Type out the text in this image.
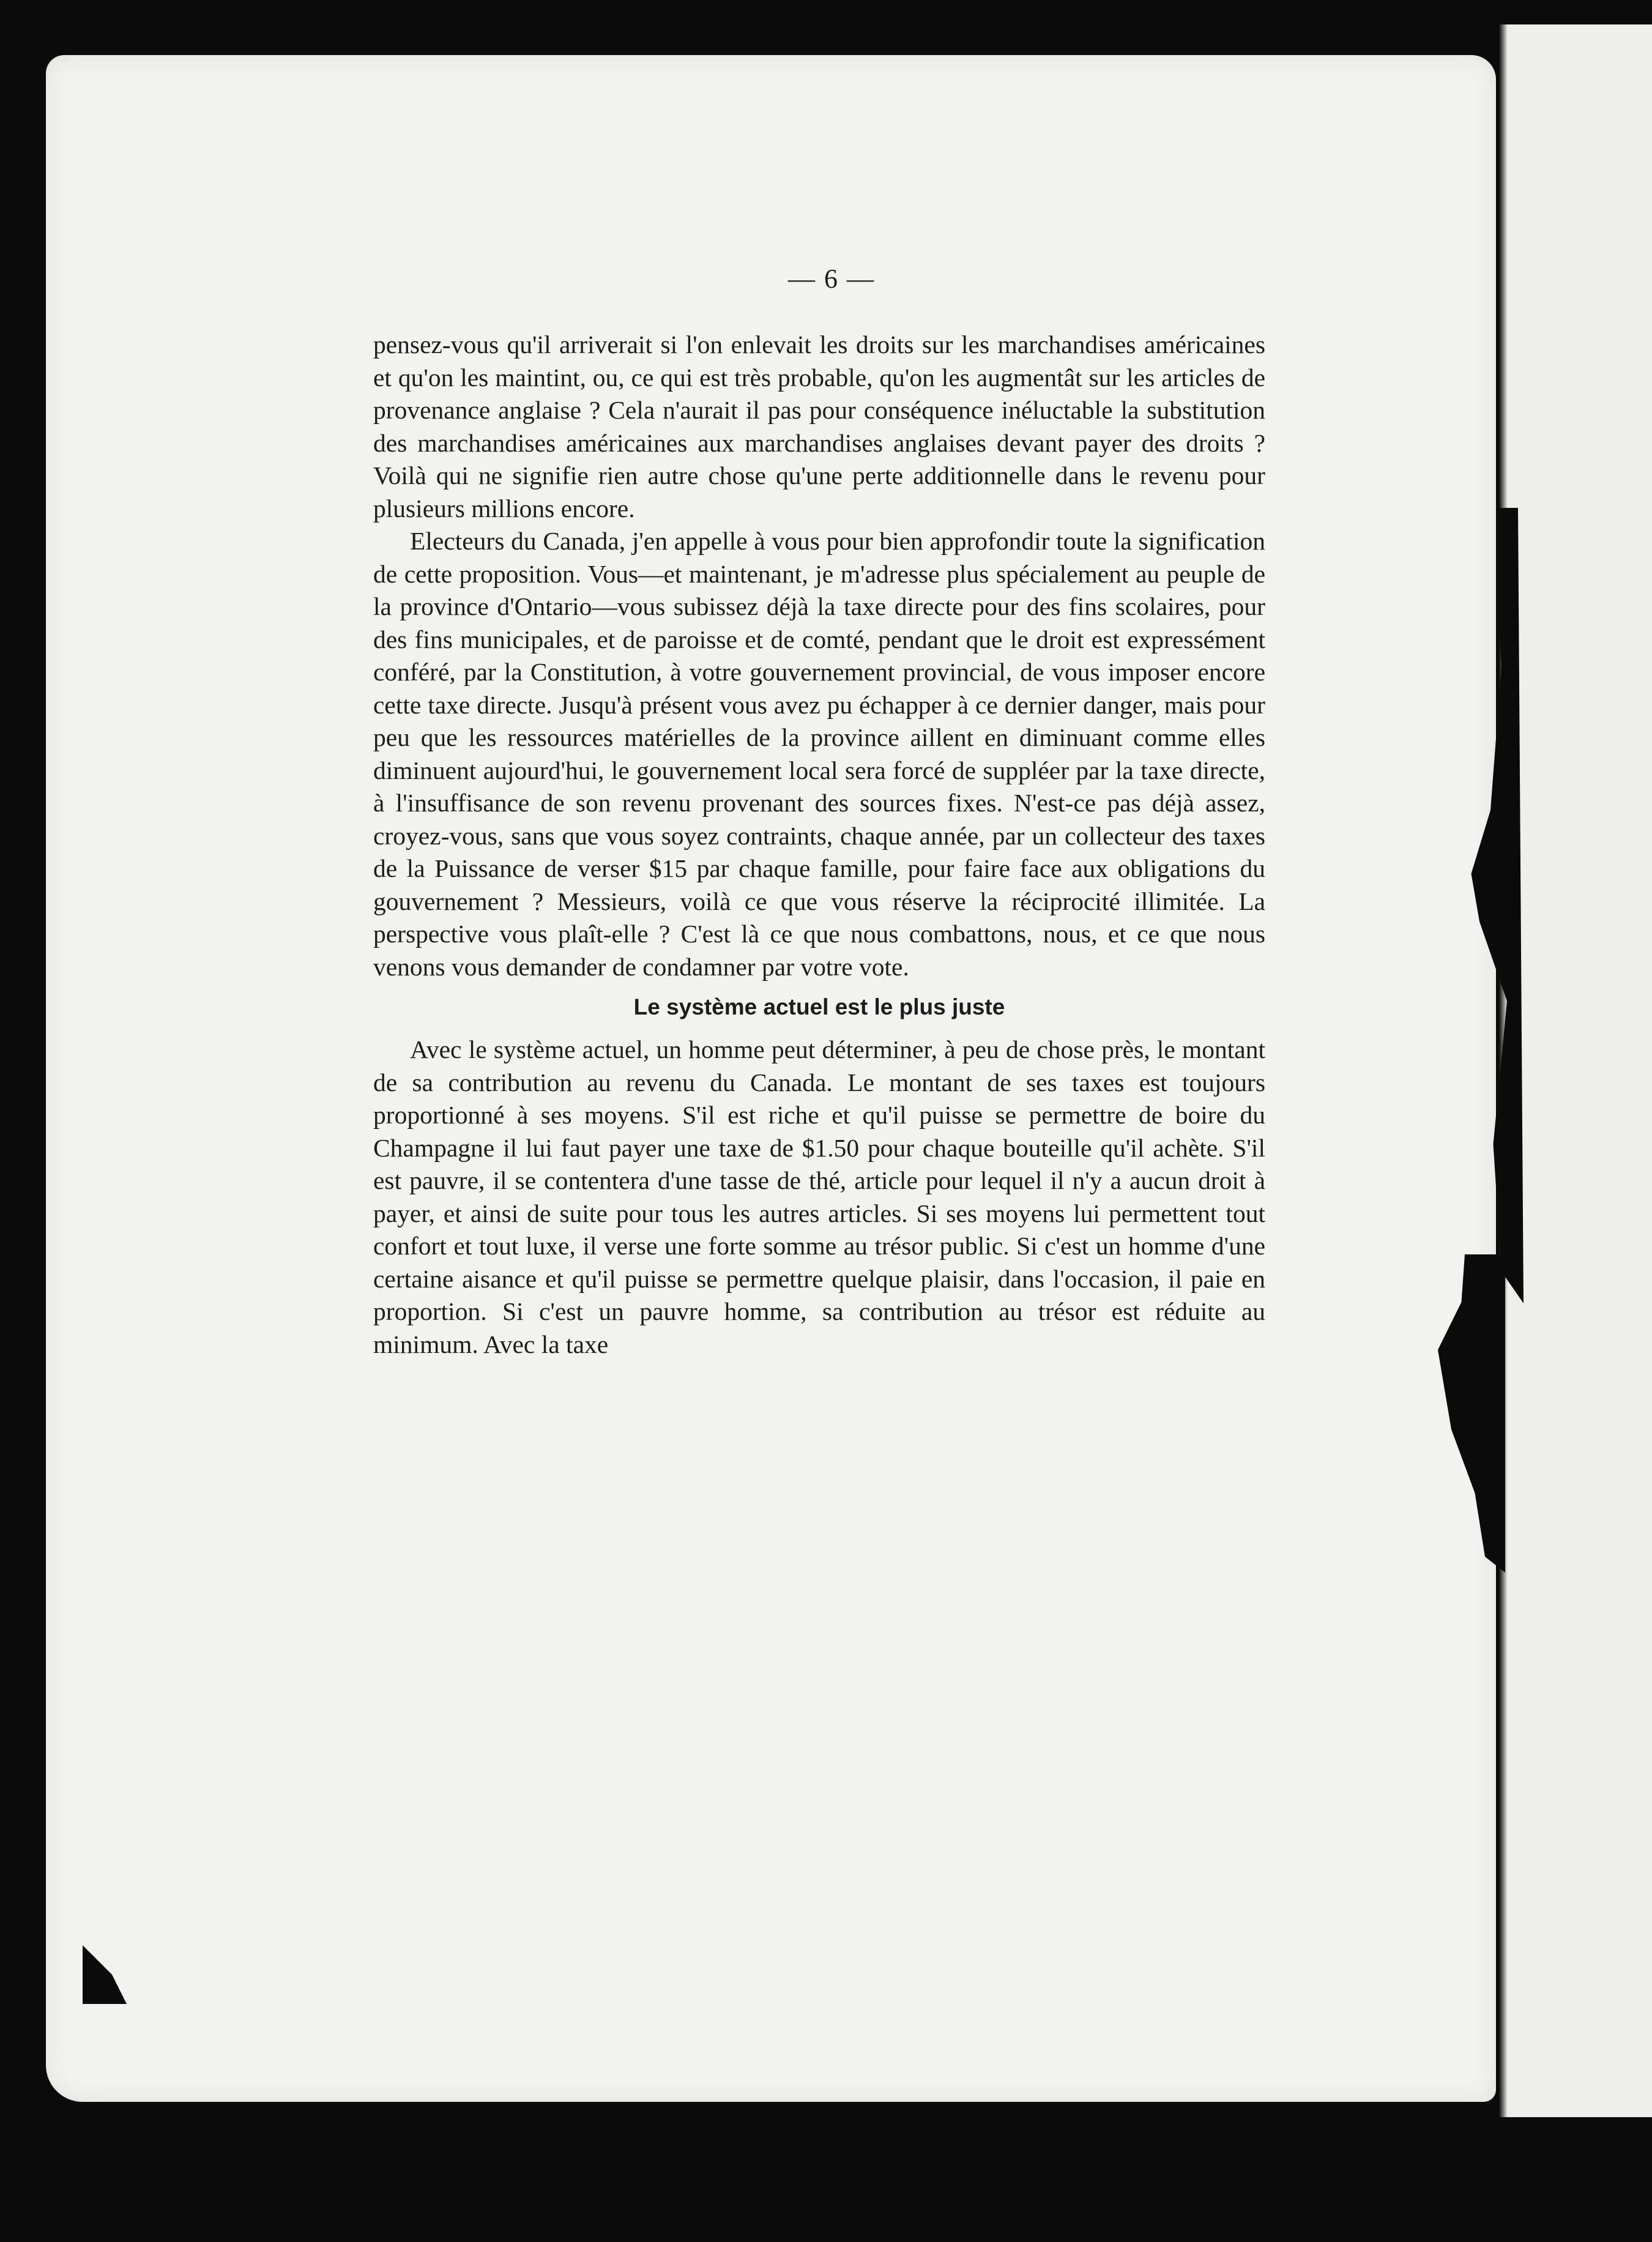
— 6 —

pensez-vous qu'il arriverait si l'on enlevait les droits sur les marchandises américaines et qu'on les maintint, ou, ce qui est très probable, qu'on les augmentât sur les articles de provenance anglaise ? Cela n'aurait il pas pour conséquence inéluctable la substitution des marchandises américaines aux marchandises anglaises devant payer des droits ? Voilà qui ne signifie rien autre chose qu'une perte additionnelle dans le revenu pour plusieurs millions encore.

Electeurs du Canada, j'en appelle à vous pour bien approfondir toute la signification de cette proposition. Vous—et maintenant, je m'adresse plus spécialement au peuple de la province d'Ontario—vous subissez déjà la taxe directe pour des fins scolaires, pour des fins municipales, et de paroisse et de comté, pendant que le droit est expressément conféré, par la Constitution, à votre gouvernement provincial, de vous imposer encore cette taxe directe. Jusqu'à présent vous avez pu échapper à ce dernier danger, mais pour peu que les ressources matérielles de la province aillent en diminuant comme elles diminuent aujourd'hui, le gouvernement local sera forcé de suppléer par la taxe directe, à l'insuffisance de son revenu provenant des sources fixes. N'est-ce pas déjà assez, croyez-vous, sans que vous soyez contraints, chaque année, par un collecteur des taxes de la Puissance de verser $15 par chaque famille, pour faire face aux obligations du gouvernement ? Messieurs, voilà ce que vous réserve la réciprocité illimitée. La perspective vous plaît-elle ? C'est là ce que nous combattons, nous, et ce que nous venons vous demander de condamner par votre vote.

Le système actuel est le plus juste

Avec le système actuel, un homme peut déterminer, à peu de chose près, le montant de sa contribution au revenu du Canada. Le montant de ses taxes est toujours proportionné à ses moyens. S'il est riche et qu'il puisse se permettre de boire du Champagne il lui faut payer une taxe de $1.50 pour chaque bouteille qu'il achète. S'il est pauvre, il se contentera d'une tasse de thé, article pour lequel il n'y a aucun droit à payer, et ainsi de suite pour tous les autres articles. Si ses moyens lui permettent tout confort et tout luxe, il verse une forte somme au trésor public. Si c'est un homme d'une certaine aisance et qu'il puisse se permettre quelque plaisir, dans l'occasion, il paie en proportion. Si c'est un pauvre homme, sa contribution au trésor est réduite au minimum. Avec la taxe
